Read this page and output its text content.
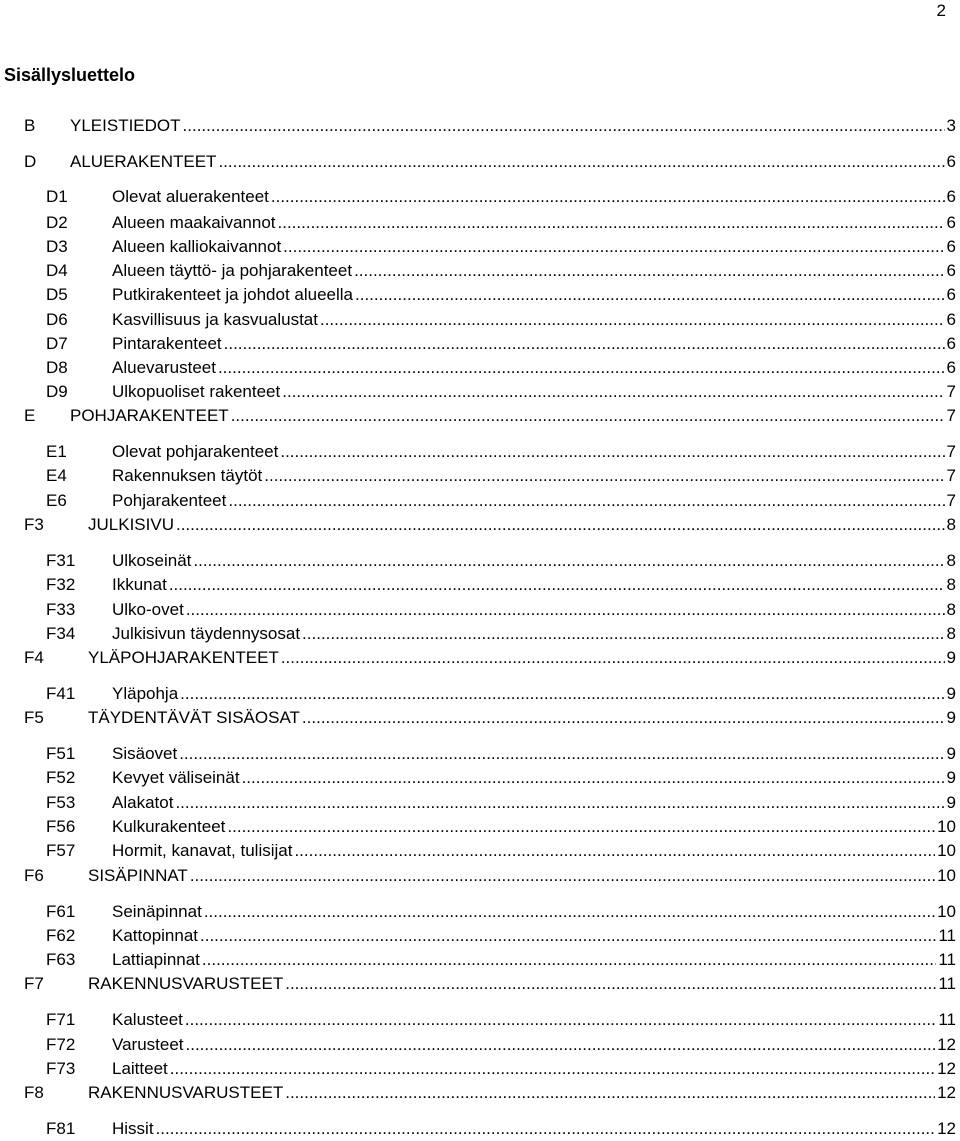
2
Sisällysluettelo
B YLEISTIEDOT .....	3
D ALUERAKENTEET .....	6
D1	Olevat aluerakenteet .....	6
D2	Alueen maakaivannot .....	6
D3	Alueen kalliokaivannot .....	6
D4	Alueen täyttö- ja pohjarakenteet .....	6
D5	Putkirakenteet ja johdot alueella .....	6
D6	Kasvillisuus ja kasvualustat .....	6
D7	Pintarakenteet .....	6
D8	Aluevarusteet .....	6
D9	Ulkopuoliset rakenteet .....	7
E POHJARAKENTEET .....	7
E1	Olevat pohjarakenteet .....	7
E4	Rakennuksen täytöt .....	7
E6	Pohjarakenteet .....	7
F3	JULKISIVU .....	8
F31 Ulkoseinät .....	8
F32 Ikkunat .....	8
F33 Ulko-ovet .....	8
F34 Julkisivun täydennysosat .....	8
F4	YLÄPOHJARAKENTEET .....	9
F41 Yläpohja .....	9
F5	TÄYDENTÄVÄT SISÄOSAT .....	9
F51 Sisäovet .....	9
F52 Kevyet väliseinät .....	9
F53 Alakatot .....	9
F56 Kulkurakenteet .....	10
F57 Hormit, kanavat, tulisijat .....	10
F6	SISÄPINNAT .....	10
F61 Seinäpinnat .....	10
F62 Kattopinnat .....	11
F63 Lattiapinnat .....	11
F7	RAKENNUSVARUSTEET .....	11
F71 Kalusteet .....	11
F72 Varusteet .....	12
F73 Laitteet .....	12
F8	RAKENNUSVARUSTEET .....	12
F81 Hissit .....	12
